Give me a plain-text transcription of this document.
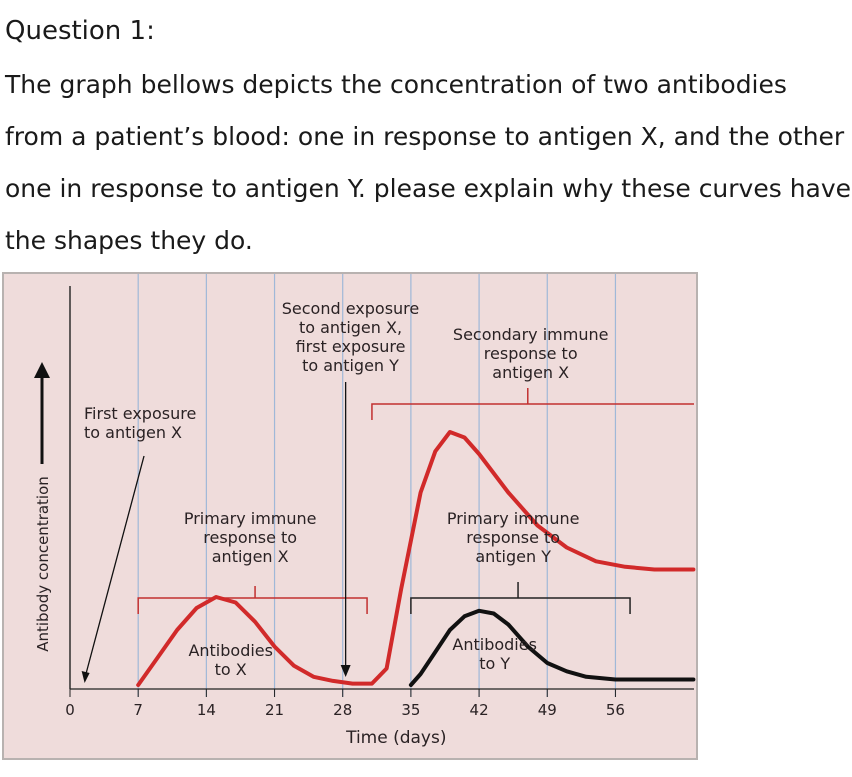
Question 1:
The graph bellows depicts the concentration of two antibodies
from a patient’s blood: one in response to antigen X, and the other
one in response to antigen Y. please explain why these curves have
the shapes they do.
0	7	14	21	28	35	42	49	56
Time (days)
Antibody concentration
First exposure
to antigen X
Second exposure
to antigen X,
first exposure
to antigen Y
Primary immune
response to
antigen X
Secondary immune
response to
antigen X
Primary immune
response to
antigen Y
Antibodies
to X
Antibodies
to Y
